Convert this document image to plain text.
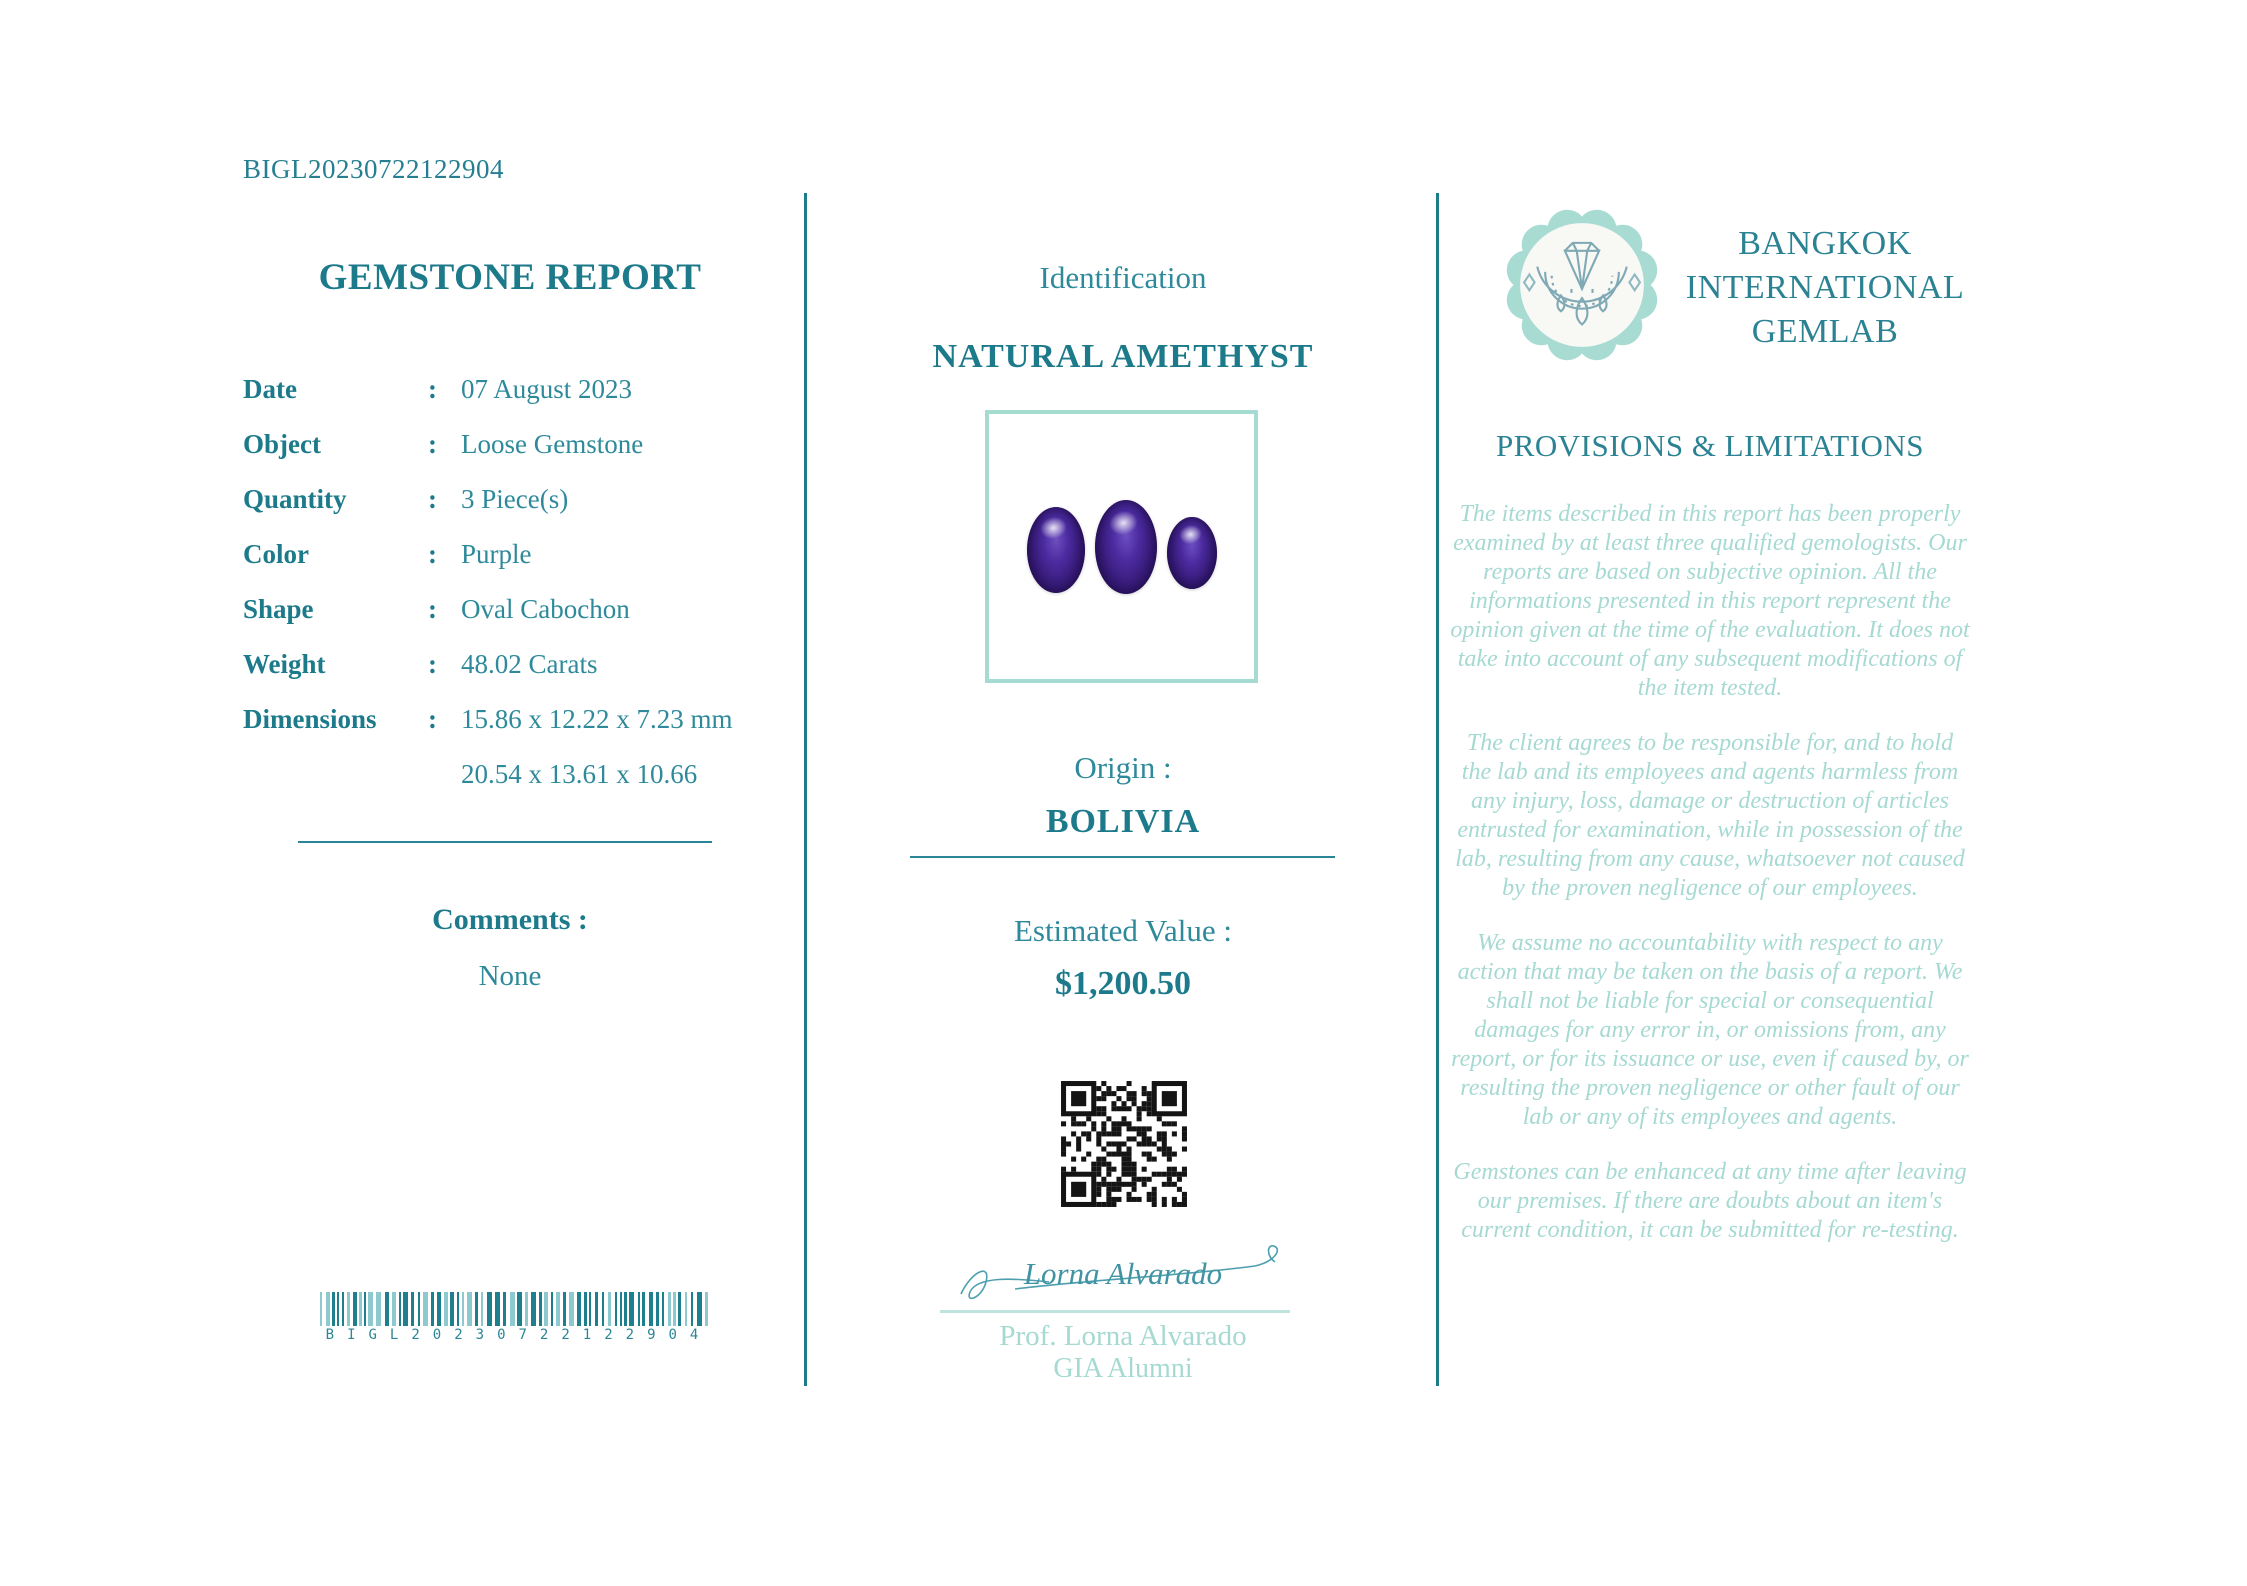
BIGL20230722122904
GEMSTONE REPORT
Date	: 07 August 2023
Object	: Loose Gemstone
Quantity	: 3 Piece(s)
Color	: Purple
Shape	: Oval Cabochon
Weight	: 48.02 Carats
Dimensions	: 15.86 x 12.22 x 7.23 mm
20.54 x 13.61 x 10.66
Comments :
None
BIGL20230722122904
Identification
NATURAL AMETHYST
Origin :
BOLIVIA
Estimated Value :
$1,200.50
Lorna Alvarado
Prof. Lorna Alvarado
GIA Alumni
BANGKOK
INTERNATIONAL
GEMLAB
PROVISIONS & LIMITATIONS

The items described in this report has been properly examined by at least three qualified gemologists. Our reports are based on subjective opinion. All the informations presented in this report represent the opinion given at the time of the evaluation. It does not take into account of any subsequent modifications of the item tested.

The client agrees to be responsible for, and to hold the lab and its employees and agents harmless from any injury, loss, damage or destruction of articles entrusted for examination, while in possession of the lab, resulting from any cause, whatsoever not caused by the proven negligence of our employees.

We assume no accountability with respect to any action that may be taken on the basis of a report. We shall not be liable for special or consequential damages for any error in, or omissions from, any report, or for its issuance or use, even if caused by, or resulting the proven negligence or other fault of our lab or any of its employees and agents.

Gemstones can be enhanced at any time after leaving our premises. If there are doubts about an item's current condition, it can be submitted for re-testing.
